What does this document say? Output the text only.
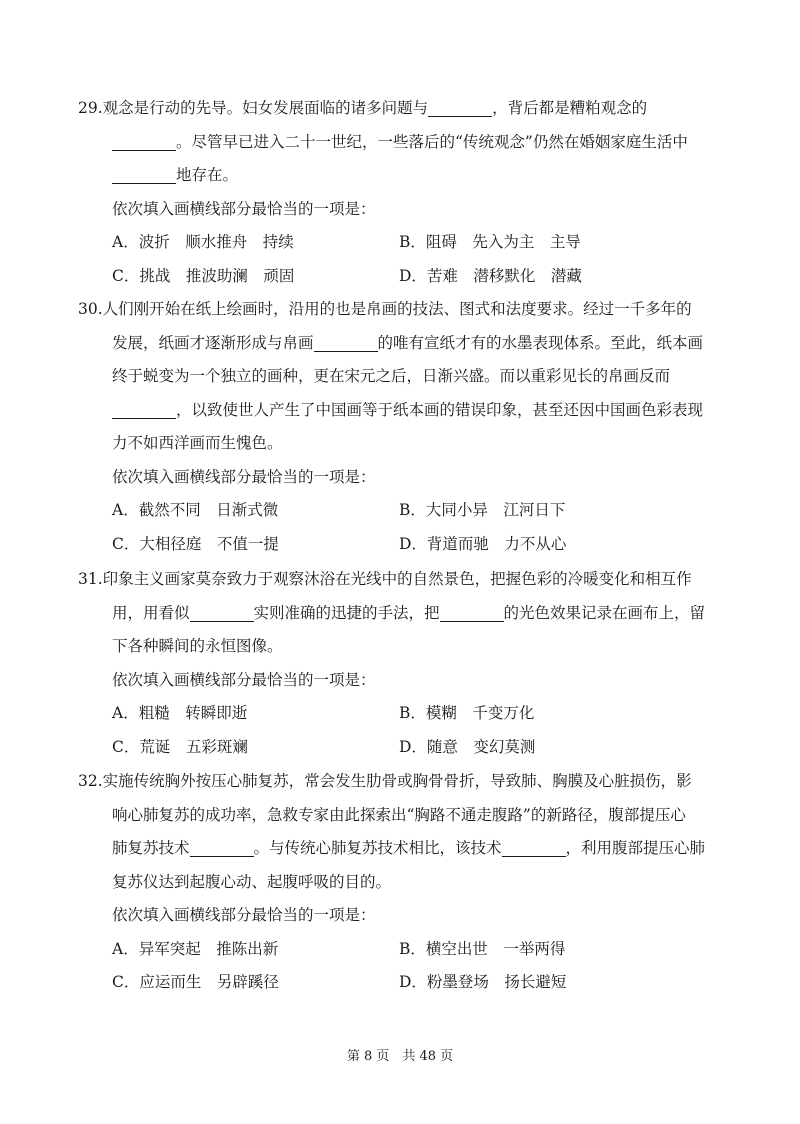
29.观念是行动的先导。妇女发展面临的诸多问题与	，背后都是糟粕观念的
。尽管早已进入二十一世纪，一些落后的“传统观念”仍然在婚姻家庭生活中
地存在。
依次填入画横线部分最恰当的一项是：
A．波折　顺水推舟　持续	B．阻碍　先入为主　主导
C．挑战　推波助澜　顽固	D．苦难　潜移默化　潜藏
30.人们刚开始在纸上绘画时，沿用的也是帛画的技法、图式和法度要求。经过一千多年的
发展，纸画才逐渐形成与帛画	的唯有宣纸才有的水墨表现体系。至此，纸本画
终于蜕变为一个独立的画种，更在宋元之后，日渐兴盛。而以重彩见长的帛画反而
，以致使世人产生了中国画等于纸本画的错误印象，甚至还因中国画色彩表现
力不如西洋画而生愧色。
依次填入画横线部分最恰当的一项是：
A．截然不同　日渐式微	B．大同小异　江河日下
C．大相径庭　不值一提	D．背道而驰　力不从心
31.印象主义画家莫奈致力于观察沐浴在光线中的自然景色，把握色彩的冷暖变化和相互作
用，用看似	实则准确的迅捷的手法，把	的光色效果记录在画布上，留
下各种瞬间的永恒图像。
依次填入画横线部分最恰当的一项是：
A．粗糙　转瞬即逝	B．模糊　千变万化
C．荒诞　五彩斑斓	D．随意　变幻莫测
32.实施传统胸外按压心肺复苏，常会发生肋骨或胸骨骨折，导致肺、胸膜及心脏损伤，影
响心肺复苏的成功率，急救专家由此探索出“胸路不通走腹路”的新路径，腹部提压心
肺复苏技术	。与传统心肺复苏技术相比，该技术	，利用腹部提压心肺
复苏仪达到起腹心动、起腹呼吸的目的。
依次填入画横线部分最恰当的一项是：
A．异军突起　推陈出新	B．横空出世　一举两得
C．应运而生　另辟蹊径	D．粉墨登场　扬长避短
第 8 页　共 48 页
